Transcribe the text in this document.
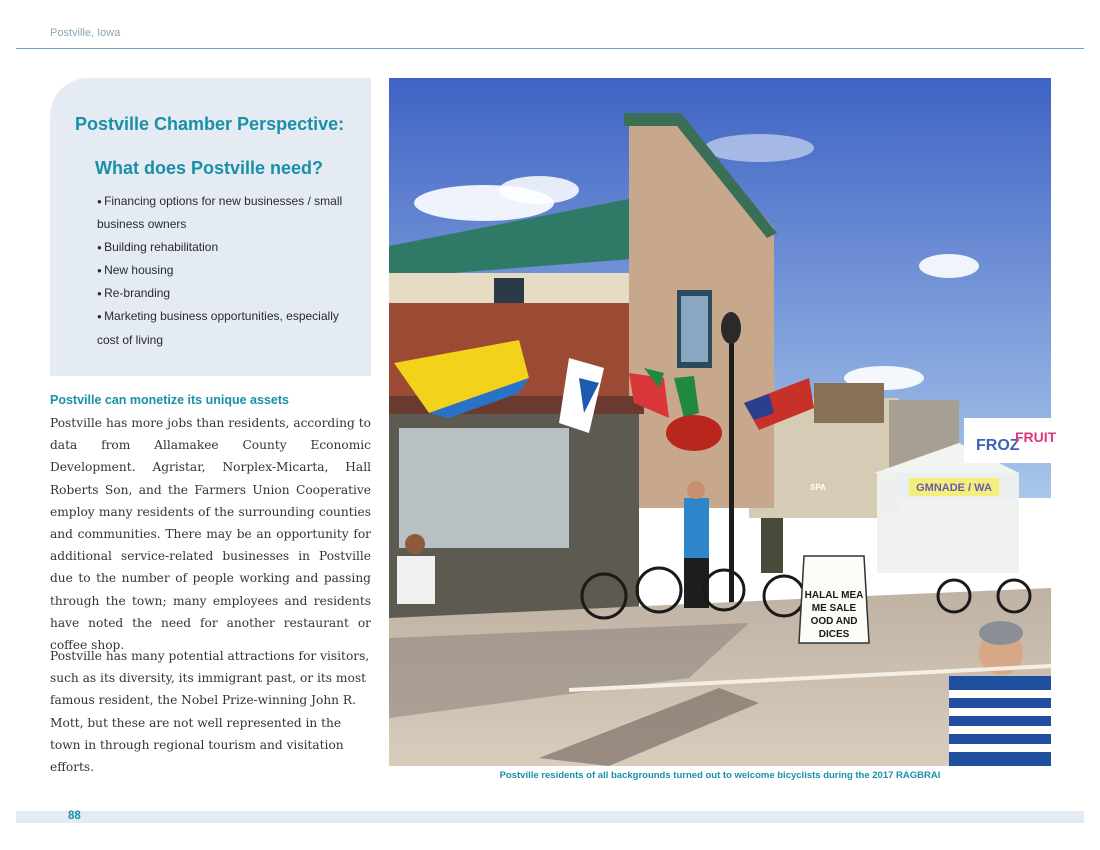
Postville, Iowa
Postville Chamber Perspective:
What does Postville need?
● Financing options for new businesses / small business owners
● Building rehabilitation
● New housing
● Re-branding
● Marketing business opportunities, especially cost of living
Postville can monetize its unique assets

Postville has more jobs than residents, according to data from Allamakee County Economic Development. Agristar, Norplex-Micarta, Hall Roberts Son, and the Farmers Union Cooperative employ many residents of the surrounding counties and communities. There may be an opportunity for additional service-related businesses in Postville due to the number of people working and passing through the town; many employees and residents have noted the need for another restaurant or coffee shop.

Postville has many potential attractions for visitors, such as its diversity, its immigrant past, or its most famous resident, the Nobel Prize-winning John R. Mott, but these are not well represented in the town in through regional tourism and visitation efforts.

GMNADE / WA
FROZ
FRUIT
SPA
HALAL MEA
ME SALE
OOD AND
DICES
Postville residents of all backgrounds turned out to welcome bicyclists during the 2017 RAGBRAI
88
